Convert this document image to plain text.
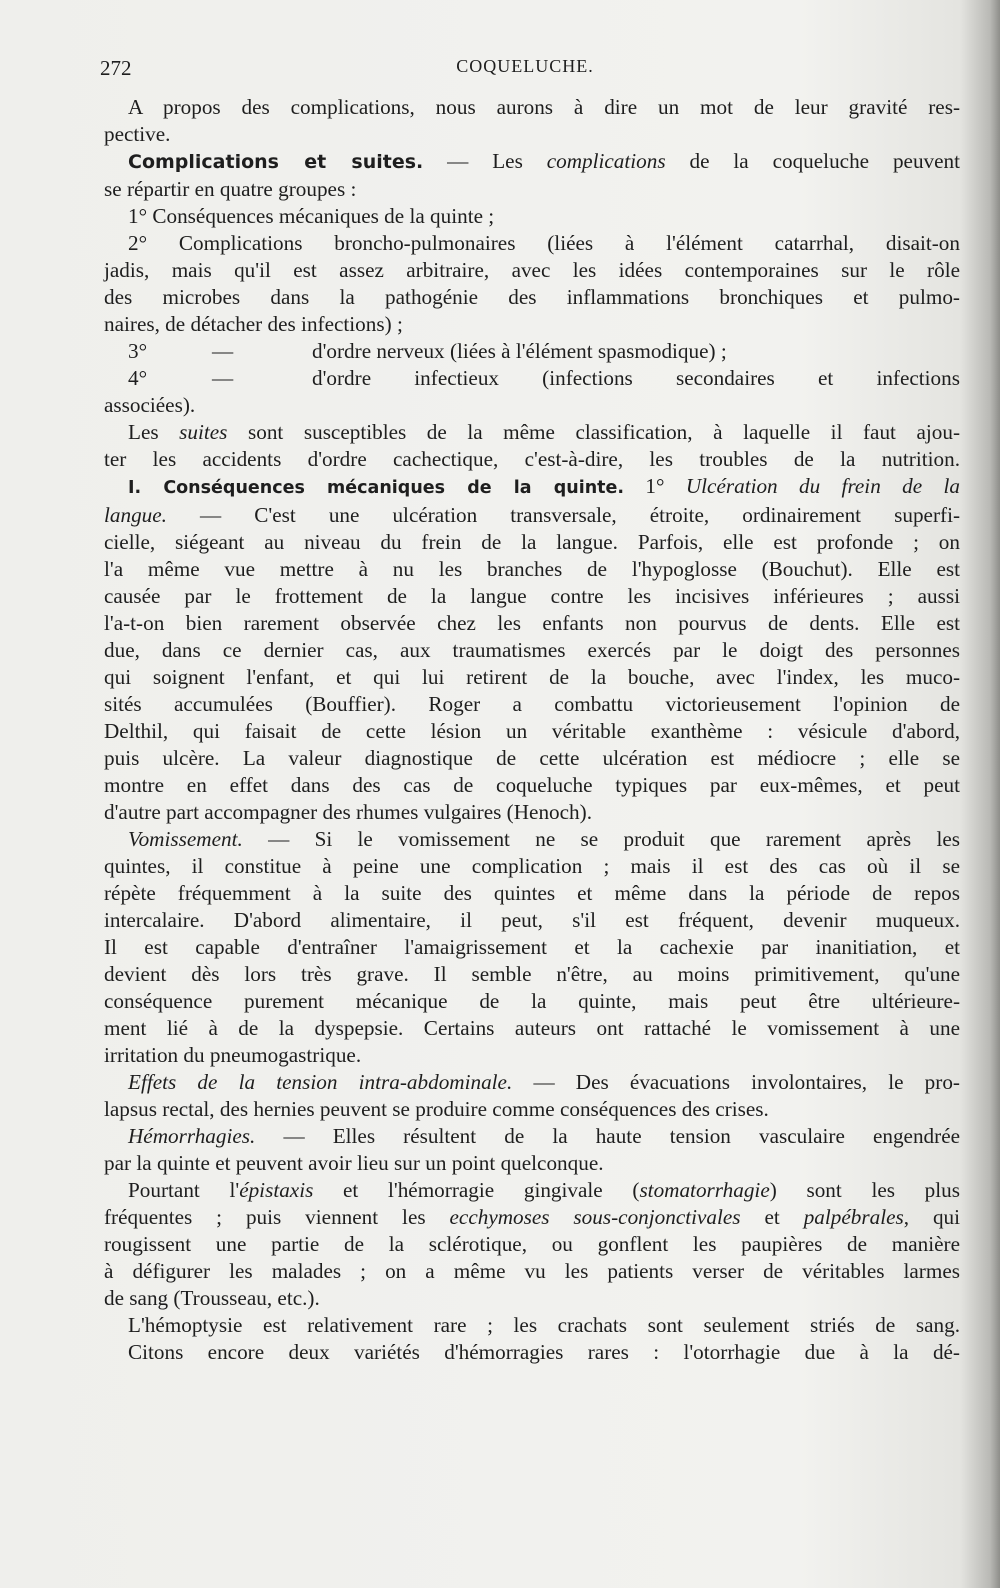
272	COQUELUCHE.
A propos des complications, nous aurons à dire un mot de leur gravité res-
pective.
Complications et suites. — Les complications de la coqueluche peuvent
se répartir en quatre groupes :
1° Conséquences mécaniques de la quinte ;
2° Complications broncho-pulmonaires (liées à l'élément catarrhal, disait-on
jadis, mais qu'il est assez arbitraire, avec les idées contemporaines sur le rôle
des microbes dans la pathogénie des inflammations bronchiques et pulmo-
naires, de détacher des infections) ;
3°	—	d'ordre nerveux (liées à l'élément spasmodique) ;
4°	—	d'ordre infectieux (infections secondaires et infections
associées).
Les suites sont susceptibles de la même classification, à laquelle il faut ajou-
ter les accidents d'ordre cachectique, c'est-à-dire, les troubles de la nutrition.
I. Conséquences mécaniques de la quinte. 1° Ulcération du frein de la
langue. — C'est une ulcération transversale, étroite, ordinairement superfi-
cielle, siégeant au niveau du frein de la langue. Parfois, elle est profonde ; on
l'a même vue mettre à nu les branches de l'hypoglosse (Bouchut). Elle est
causée par le frottement de la langue contre les incisives inférieures ; aussi
l'a-t-on bien rarement observée chez les enfants non pourvus de dents. Elle est
due, dans ce dernier cas, aux traumatismes exercés par le doigt des personnes
qui soignent l'enfant, et qui lui retirent de la bouche, avec l'index, les muco-
sités accumulées (Bouffier). Roger a combattu victorieusement l'opinion de
Delthil, qui faisait de cette lésion un véritable exanthème : vésicule d'abord,
puis ulcère. La valeur diagnostique de cette ulcération est médiocre ; elle se
montre en effet dans des cas de coqueluche typiques par eux-mêmes, et peut
d'autre part accompagner des rhumes vulgaires (Henoch).
Vomissement. — Si le vomissement ne se produit que rarement après les
quintes, il constitue à peine une complication ; mais il est des cas où il se
répète fréquemment à la suite des quintes et même dans la période de repos
intercalaire. D'abord alimentaire, il peut, s'il est fréquent, devenir muqueux.
Il est capable d'entraîner l'amaigrissement et la cachexie par inanitiation, et
devient dès lors très grave. Il semble n'être, au moins primitivement, qu'une
conséquence purement mécanique de la quinte, mais peut être ultérieure-
ment lié à de la dyspepsie. Certains auteurs ont rattaché le vomissement à une
irritation du pneumogastrique.
Effets de la tension intra-abdominale. — Des évacuations involontaires, le pro-
lapsus rectal, des hernies peuvent se produire comme conséquences des crises.
Hémorrhagies. — Elles résultent de la haute tension vasculaire engendrée
par la quinte et peuvent avoir lieu sur un point quelconque.
Pourtant l'épistaxis et l'hémorragie gingivale (stomatorrhagie) sont les plus
fréquentes ; puis viennent les ecchymoses sous-conjonctivales et palpébrales, qui
rougissent une partie de la sclérotique, ou gonflent les paupières de manière
à défigurer les malades ; on a même vu les patients verser de véritables larmes
de sang (Trousseau, etc.).
L'hémoptysie est relativement rare ; les crachats sont seulement striés de sang.
Citons encore deux variétés d'hémorragies rares : l'otorrhagie due à la dé-
